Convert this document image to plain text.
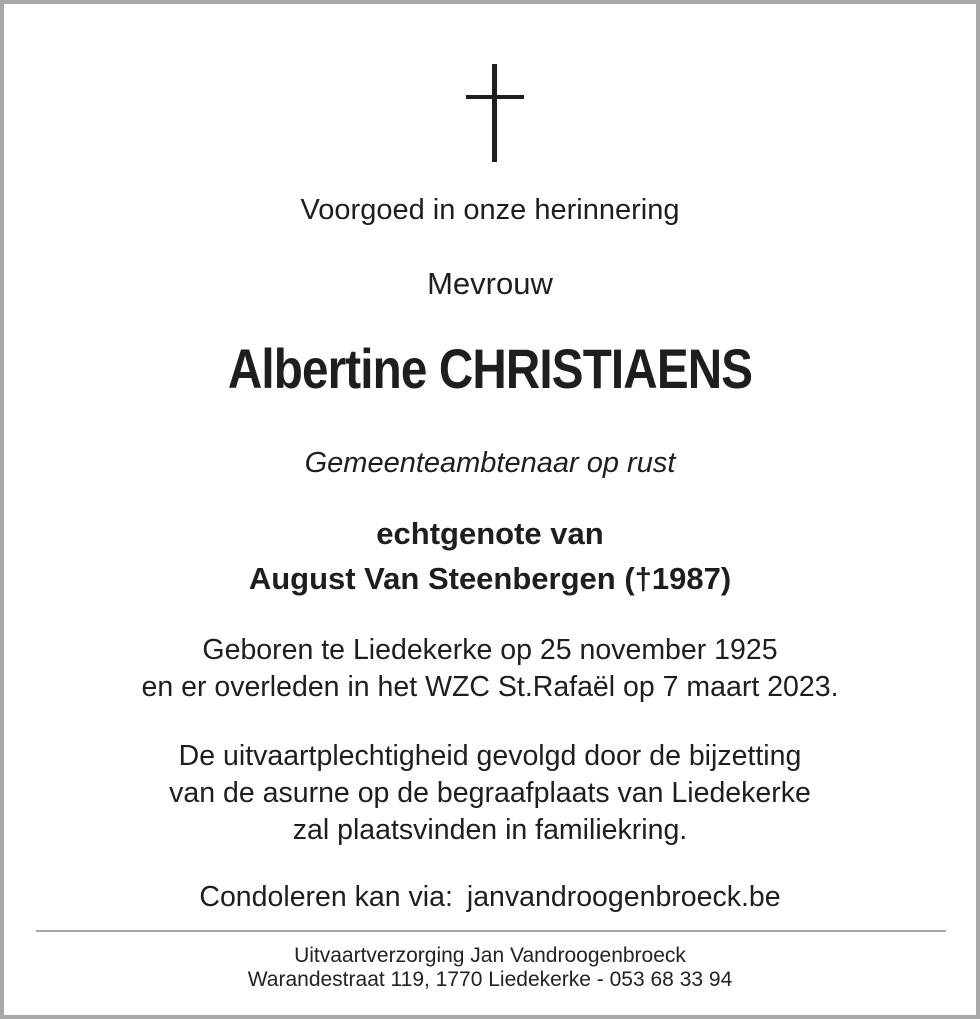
Voorgoed in onze herinnering

Mevrouw

Albertine CHRISTIAENS

Gemeenteambtenaar op rust

echtgenote van

August Van Steenbergen (†1987)

Geboren te Liedekerke op 25 november 1925

en er overleden in het WZC St.Rafaël op 7 maart 2023.

De uitvaartplechtigheid gevolgd door de bijzetting

van de asurne op de begraafplaats van Liedekerke

zal plaatsvinden in familiekring.

Condoleren kan via: janvandroogenbroeck.be

Uitvaartverzorging Jan Vandroogenbroeck

Warandestraat 119, 1770 Liedekerke - 053 68 33 94
